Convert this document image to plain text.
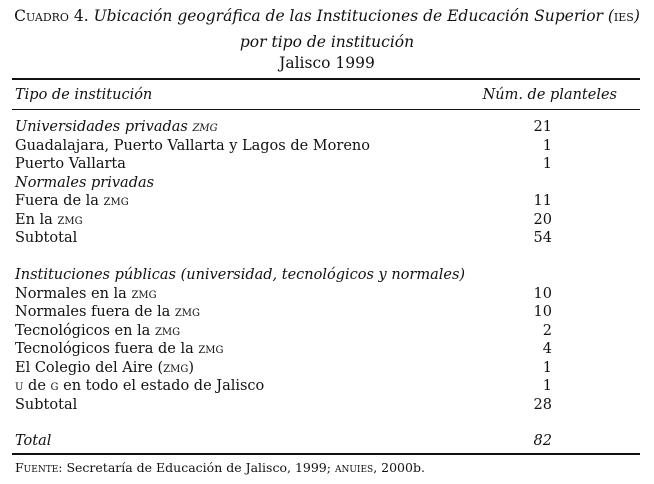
Cuadro 4. Ubicación geográfica de las Instituciones de Educación Superior (ies)
por tipo de institución
Jalisco 1999
Tipo de institución	Núm. de planteles
Universidades privadas zmg	21
Guadalajara, Puerto Vallarta y Lagos de Moreno	1
Puerto Vallarta	1
Normales privadas
Fuera de la zmg	11
En la zmg	20
Subtotal	54
Instituciones públicas (universidad, tecnológicos y normales)
Normales en la zmg	10
Normales fuera de la zmg	10
Tecnológicos en la zmg	2
Tecnológicos fuera de la zmg	4
El Colegio del Aire (zmg)	1
u de g en todo el estado de Jalisco	1
Subtotal	28
Total	82
Fuente: Secretaría de Educación de Jalisco, 1999; anuies, 2000b.
